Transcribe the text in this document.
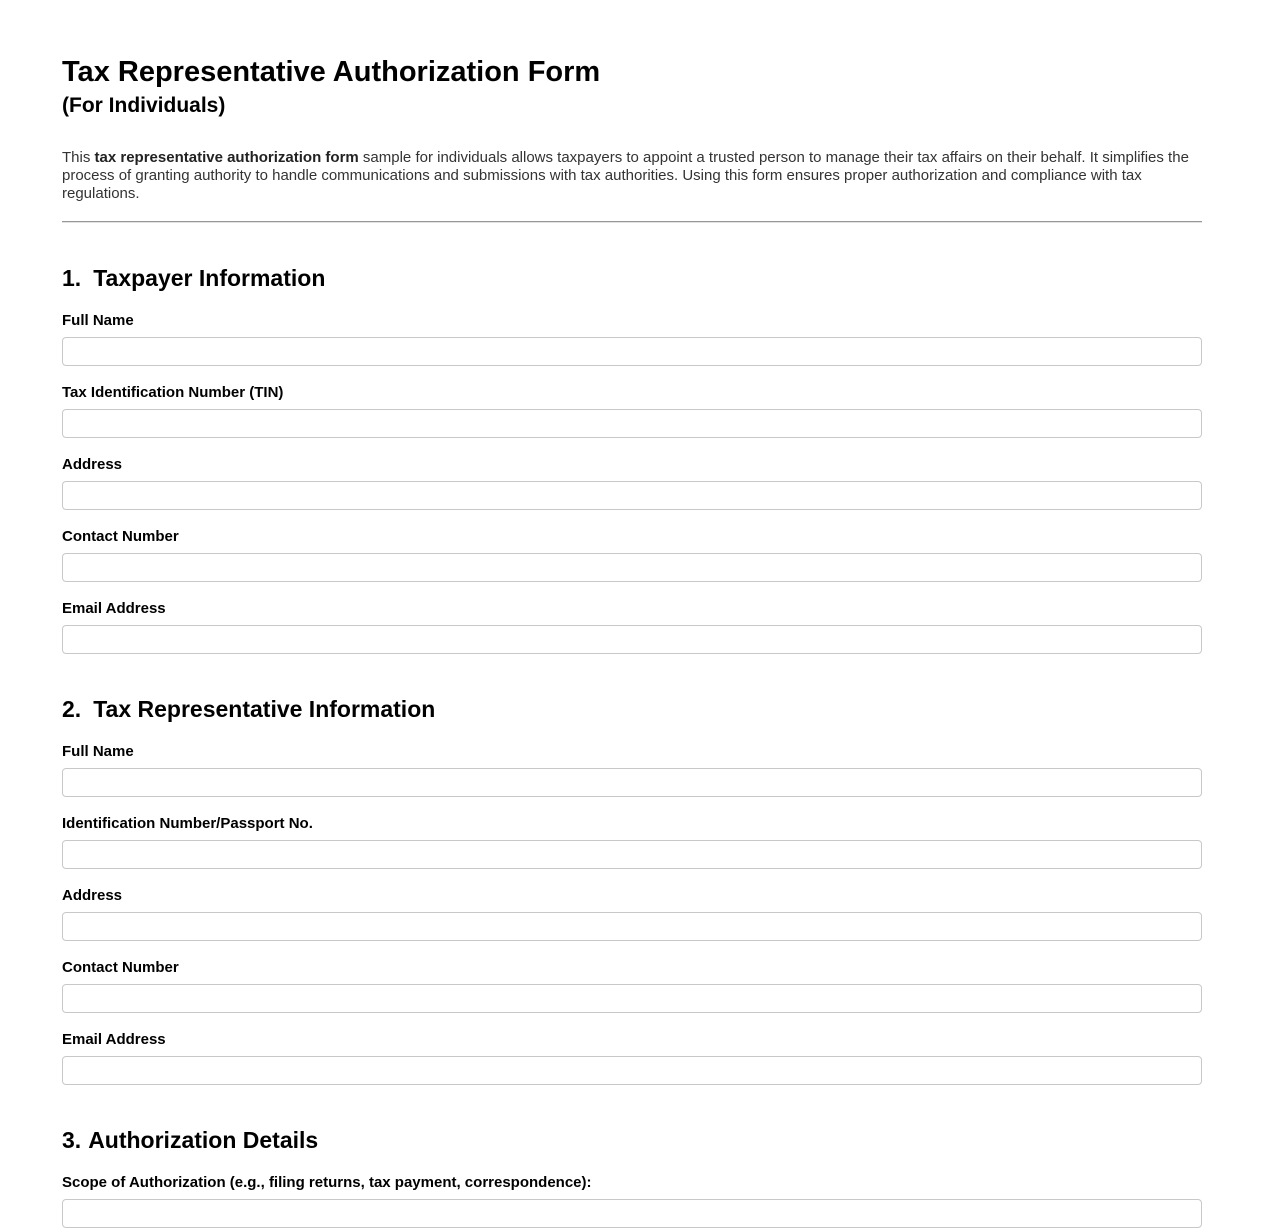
Tax Representative Authorization Form
(For Individuals)

This tax representative authorization form sample for individuals allows taxpayers to appoint a trusted person to manage their tax affairs on their behalf. It simplifies the process of granting authority to handle communications and submissions with tax authorities. Using this form ensures proper authorization and compliance with tax regulations.

1. Taxpayer Information
Full Name
Tax Identification Number (TIN)
Address
Contact Number
Email Address
2. Tax Representative Information
Full Name
Identification Number/Passport No.
Address
Contact Number
Email Address
3. Authorization Details
Scope of Authorization (e.g., filing returns, tax payment, correspondence):
